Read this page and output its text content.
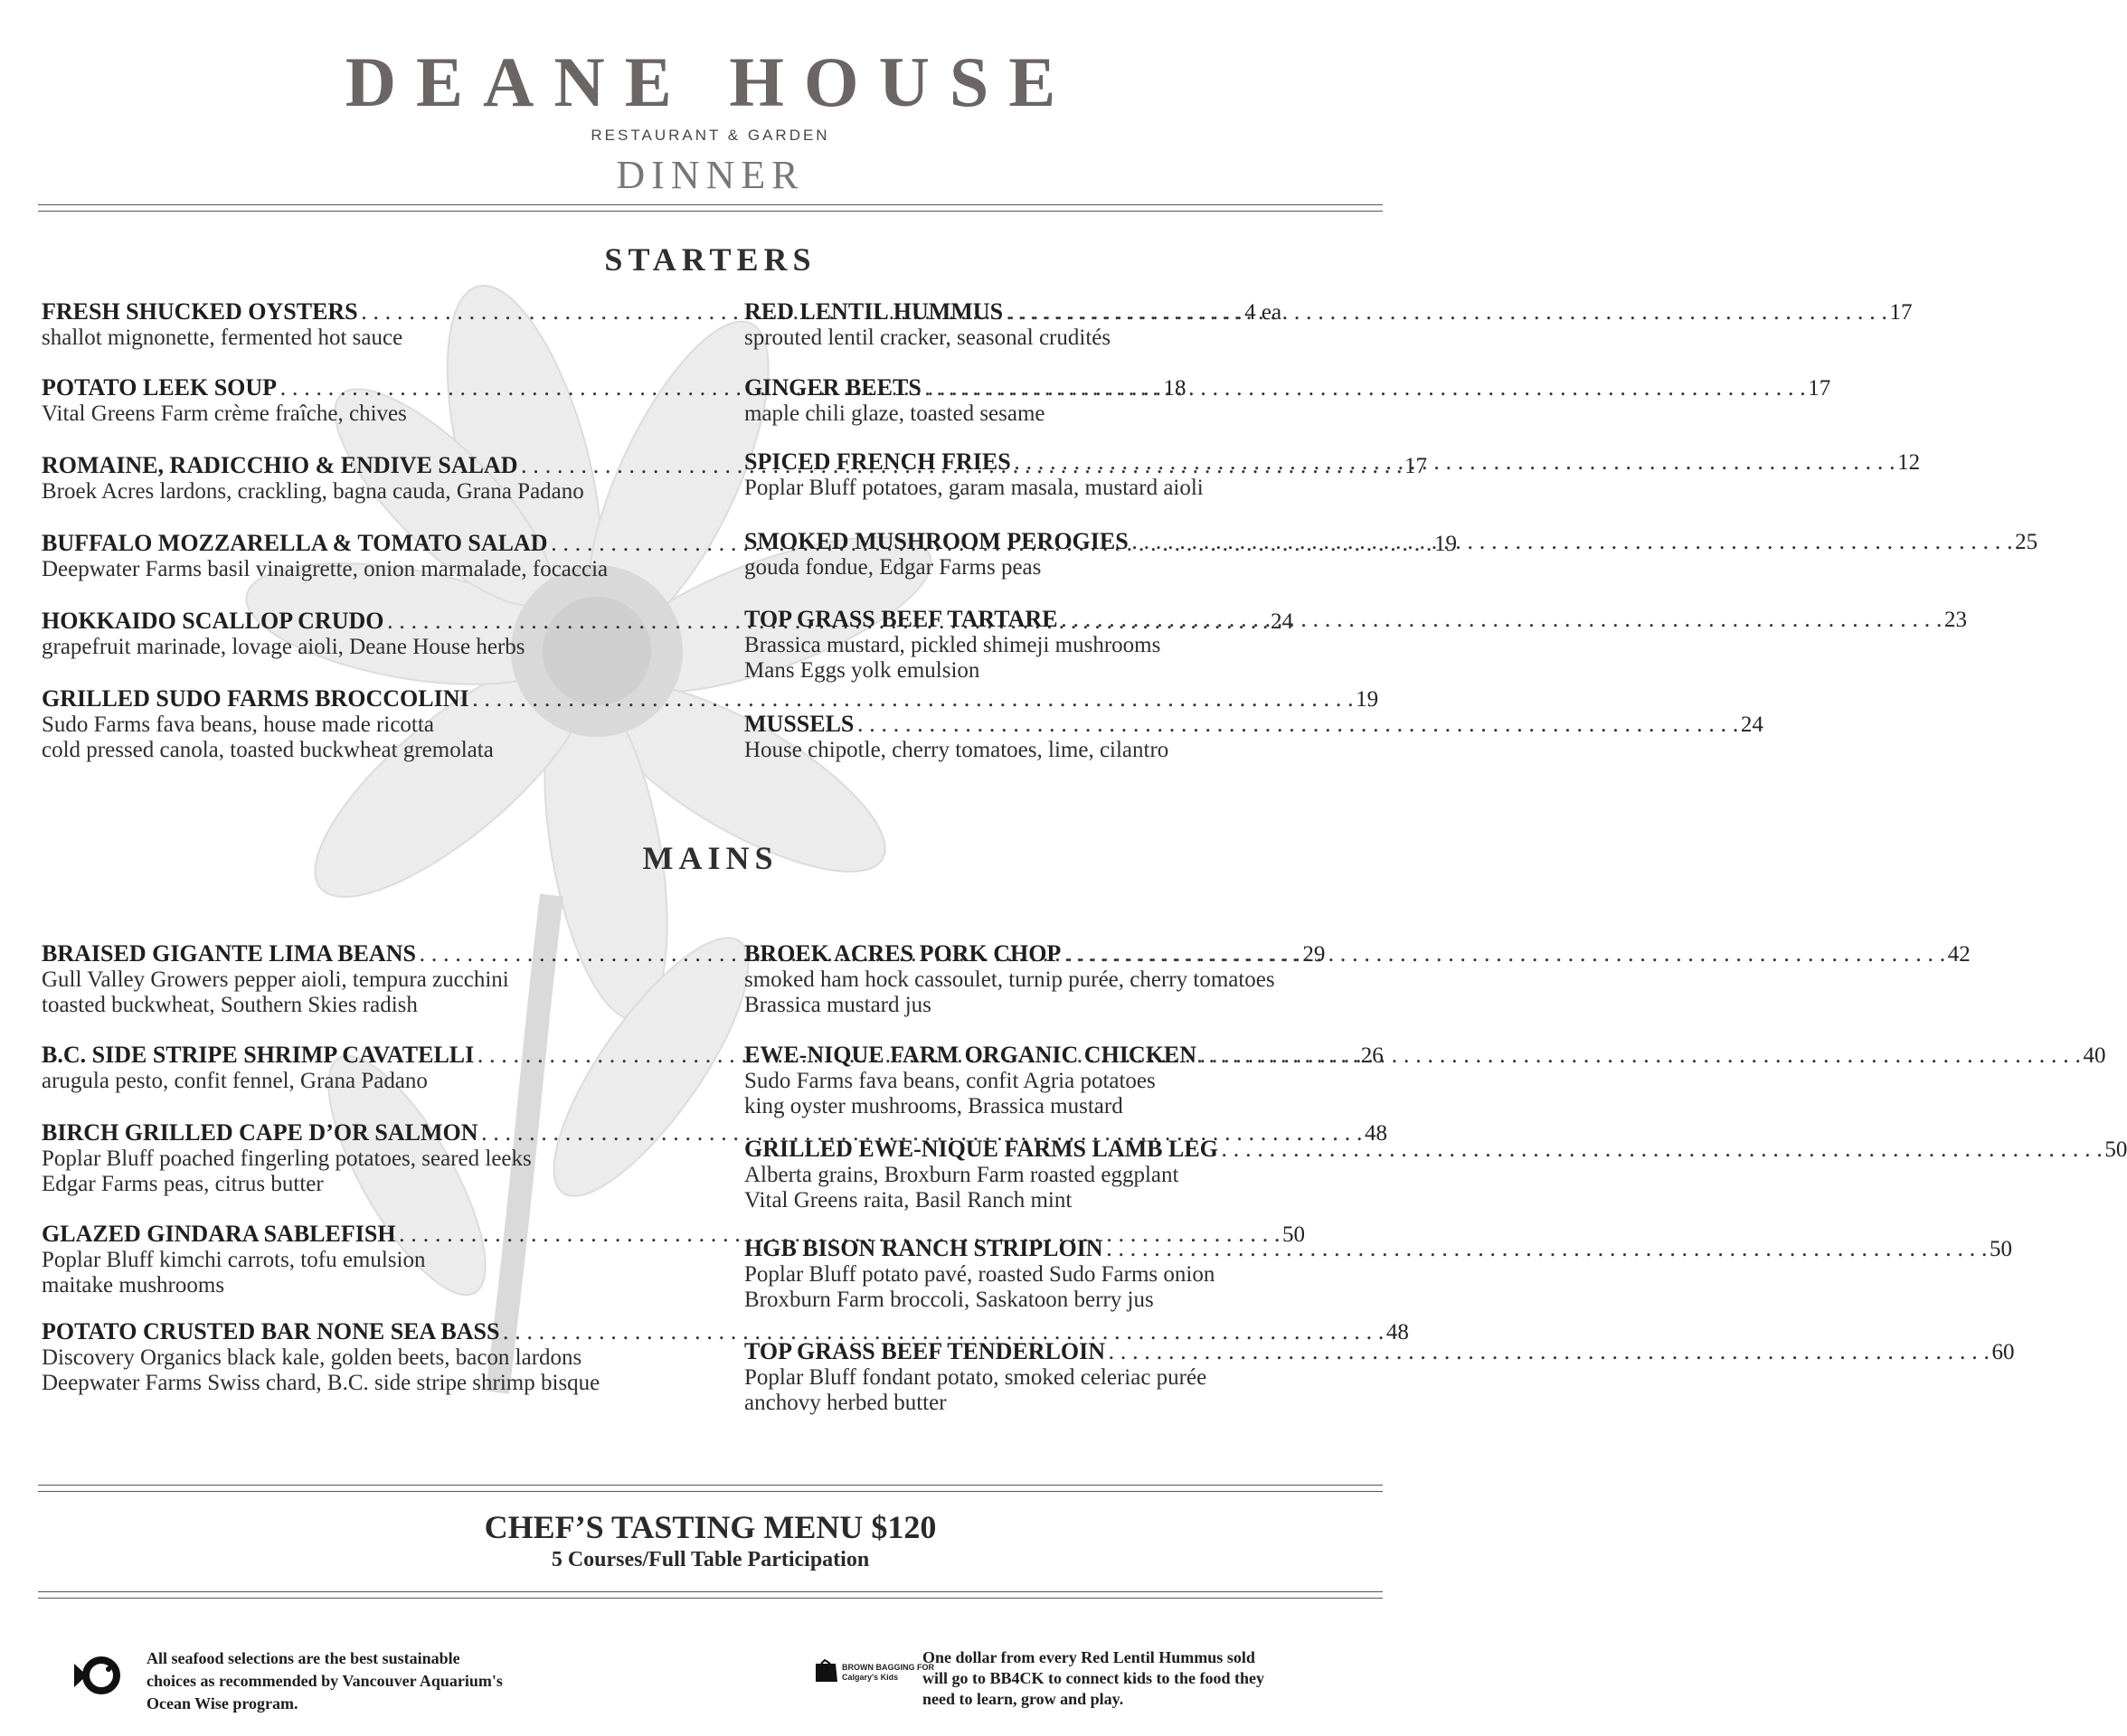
DEANE HOUSE
RESTAURANT & GARDEN
DINNER
STARTERS
FRESH SHUCKED OYSTERS . . .	4 ea
shallot mignonette, fermented hot sauce
POTATO LEEK SOUP . . .	18
Vital Greens Farm crème fraîche, chives
ROMAINE, RADICCHIO & ENDIVE SALAD . . .	17
Broek Acres lardons, crackling, bagna cauda, Grana Padano
BUFFALO MOZZARELLA & TOMATO SALAD . . .	19
Deepwater Farms basil vinaigrette, onion marmalade, focaccia
HOKKAIDO SCALLOP CRUDO . . .	24
grapefruit marinade, lovage aioli, Deane House herbs
GRILLED SUDO FARMS BROCCOLINI . . .	19
Sudo Farms fava beans, house made ricotta
cold pressed canola, toasted buckwheat gremolata
RED LENTIL HUMMUS . . .	17
sprouted lentil cracker, seasonal crudités
GINGER BEETS . . .	17
maple chili glaze, toasted sesame
SPICED FRENCH FRIES . . .	12
Poplar Bluff potatoes, garam masala, mustard aioli
SMOKED MUSHROOM PEROGIES . . .	25
gouda fondue, Edgar Farms peas
TOP GRASS BEEF TARTARE . . .	23
Brassica mustard, pickled shimeji mushrooms
Mans Eggs yolk emulsion
MUSSELS . . .	24
House chipotle, cherry tomatoes, lime, cilantro
MAINS
BRAISED GIGANTE LIMA BEANS . . .	29
Gull Valley Growers pepper aioli, tempura zucchini
toasted buckwheat, Southern Skies radish
B.C. SIDE STRIPE SHRIMP CAVATELLI . . .	26
arugula pesto, confit fennel, Grana Padano
BIRCH GRILLED CAPE D’OR SALMON . . .	48
Poplar Bluff poached fingerling potatoes, seared leeks
Edgar Farms peas, citrus butter
GLAZED GINDARA SABLEFISH . . .	50
Poplar Bluff kimchi carrots, tofu emulsion
maitake mushrooms
POTATO CRUSTED BAR NONE SEA BASS . . .	48
Discovery Organics black kale, golden beets, bacon lardons
Deepwater Farms Swiss chard, B.C. side stripe shrimp bisque
BROEK ACRES PORK CHOP . . .	42
smoked ham hock cassoulet, turnip purée, cherry tomatoes
Brassica mustard jus
EWE-NIQUE FARM ORGANIC CHICKEN . . .	40
Sudo Farms fava beans, confit Agria potatoes
king oyster mushrooms, Brassica mustard
GRILLED EWE-NIQUE FARMS LAMB LEG . . .	50
Alberta grains, Broxburn Farm roasted eggplant
Vital Greens raita, Basil Ranch mint
HGB BISON RANCH STRIPLOIN . . .	50
Poplar Bluff potato pavé, roasted Sudo Farms onion
Broxburn Farm broccoli, Saskatoon berry jus
TOP GRASS BEEF TENDERLOIN . . .	60
Poplar Bluff fondant potato, smoked celeriac purée
anchovy herbed butter
CHEF’S TASTING MENU $120
5 Courses/Full Table Participation
All seafood selections are the best sustainable
choices as recommended by Vancouver Aquarium's
Ocean Wise program.
BROWN BAGGING FOR
Calgary's Kids
One dollar from every Red Lentil Hummus sold
will go to BB4CK to connect kids to the food they
need to learn, grow and play.
